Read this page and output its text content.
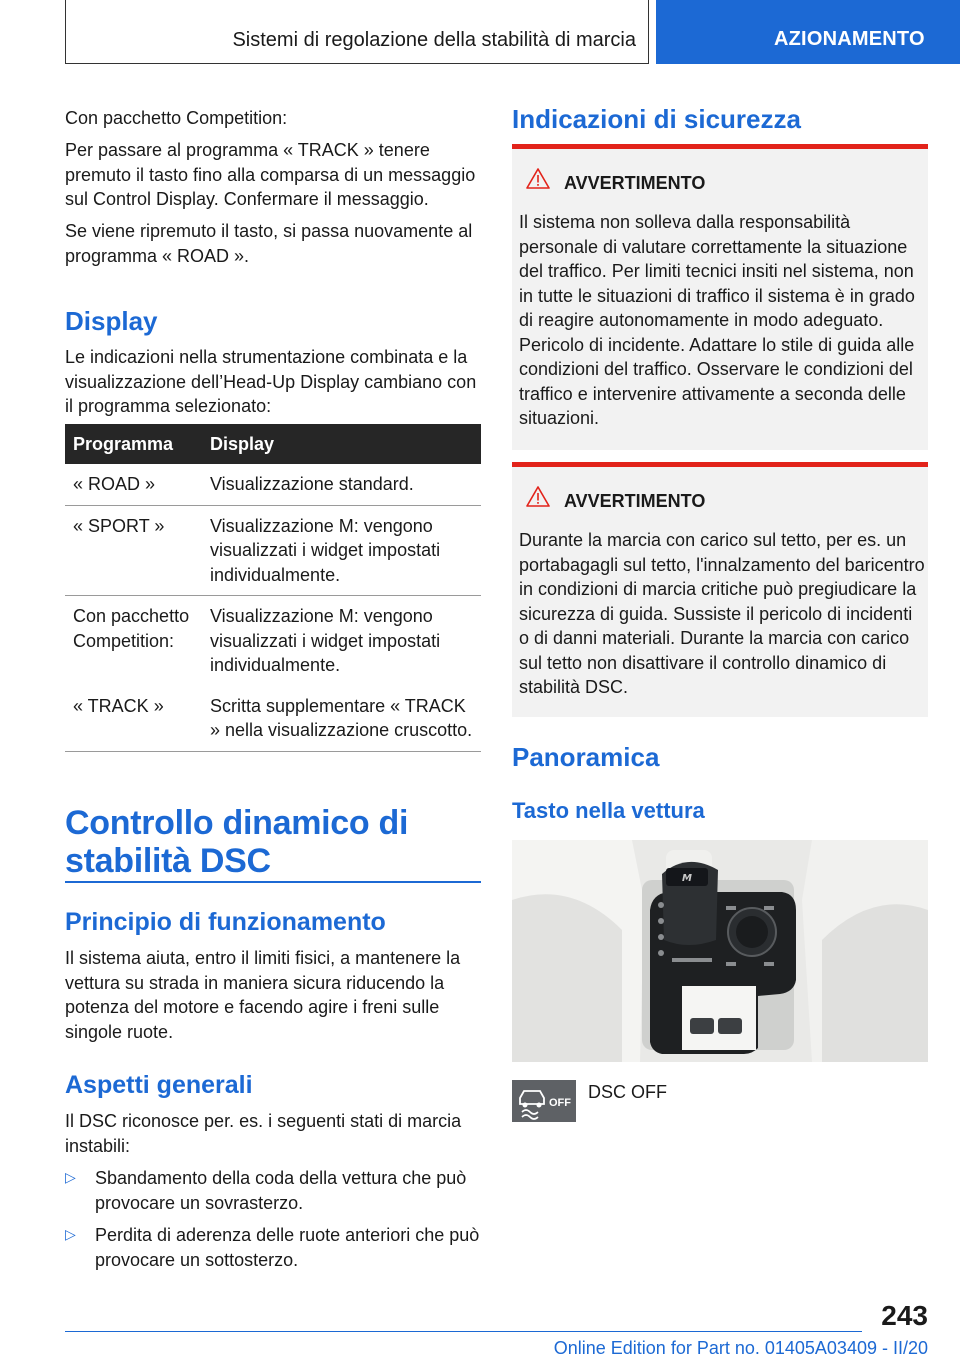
Sistemi di regolazione della stabilità di marcia	AZIONAMENTO

Con pacchetto Competition:

Per passare al programma « TRACK » tenere premuto il tasto fino alla comparsa di un messaggio sul Control Display. Confermare il messaggio.

Se viene ripremuto il tasto, si passa nuovamente al programma « ROAD ».

Display

Le indicazioni nella strumentazione combinata e la visualizzazione dell’Head-Up Display cambiano con il programma selezionato:

Programma	Display
« ROAD »	Visualizzazione standard.
« SPORT »	Visualizzazione M: vengono visualizzati i widget impostati individualmente.
Con pacchetto Competition:	Visualizzazione M: vengono visualizzati i widget impostati individualmente.
« TRACK »	Scritta supplementare « TRACK » nella visualizzazione cruscotto.
Controllo dinamico di stabilità DSC
Principio di funzionamento

Il sistema aiuta, entro il limiti fisici, a mantenere la vettura su strada in maniera sicura riducendo la potenza del motore e facendo agire i freni sulle singole ruote.

Aspetti generali

Il DSC riconosce per. es. i seguenti stati di marcia instabili:

▷ Sbandamento della coda della vettura che può provocare un sovrasterzo.

▷ Perdita di aderenza delle ruote anteriori che può provocare un sottosterzo.

Indicazioni di sicurezza
AVVERTIMENTO

Il sistema non solleva dalla responsabilità personale di valutare correttamente la situazione del traffico. Per limiti tecnici insiti nel sistema, non in tutte le situazioni di traffico il sistema è in grado di reagire autonomamente in modo adeguato. Pericolo di incidente. Adattare lo stile di guida alle condizioni del traffico. Osservare le condizioni del traffico e intervenire attivamente a seconda delle situazioni.

AVVERTIMENTO

Durante la marcia con carico sul tetto, per es. un portabagagli sul tetto, l'innalzamento del baricentro in condizioni di marcia critiche può pregiudicare la sicurezza di guida. Sussiste il pericolo di incidenti o di danni materiali. Durante la marcia con carico sul tetto non disattivare il controllo dinamico di stabilità DSC.

Panoramica
Tasto nella vettura
M
OFF

DSC OFF

243
Online Edition for Part no. 01405A03409 - II/20
